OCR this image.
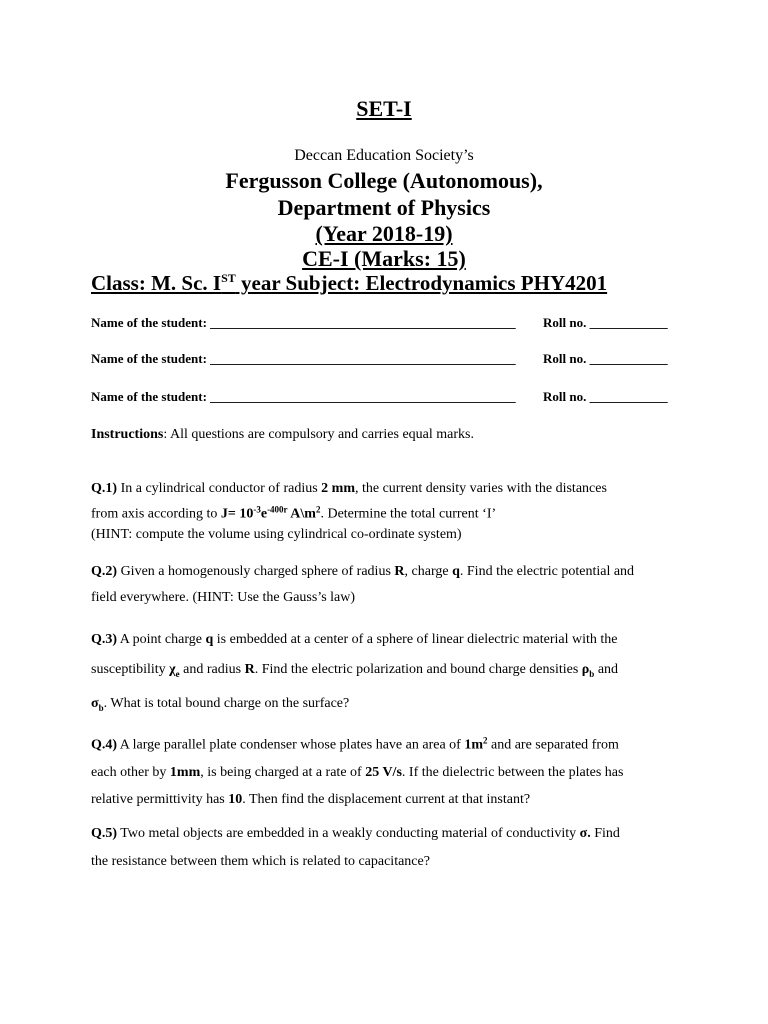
SET-I
Deccan Education Society’s
Fergusson College (Autonomous),
Department of Physics
(Year 2018-19)
CE-I (Marks: 15)
Class: M. Sc. IST year Subject: Electrodynamics PHY4201
Name of the student: _______________________________________________ Roll no. ____________
Name of the student: _______________________________________________ Roll no. ____________
Name of the student: _______________________________________________ Roll no. ____________
Instructions: All questions are compulsory and carries equal marks.
Q.1) In a cylindrical conductor of radius 2 mm, the current density varies with the distances
from axis according to $J= 10^{-3}e^{-400r}$ $A\backslash m^2$. Determine the total current ‘I’
(HINT: compute the volume using cylindrical co-ordinate system)
Q.2) Given a homogenously charged sphere of radius R, charge q. Find the electric potential and
field everywhere. (HINT: Use the Gauss’s law)
Q.3) A point charge q is embedded at a center of a sphere of linear dielectric material with the
susceptibility $\chi_e$ and radius R. Find the electric polarization and bound charge densities $\rho_b$ and
$\sigma_b$. What is total bound charge on the surface?
Q.4) A large parallel plate condenser whose plates have an area of $1m^2$ and are separated from
each other by 1mm, is being charged at a rate of 25 V/s. If the dielectric between the plates has
relative permittivity has 10. Then find the displacement current at that instant?
Q.5) Two metal objects are embedded in a weakly conducting material of conductivity σ. Find
the resistance between them which is related to capacitance?
